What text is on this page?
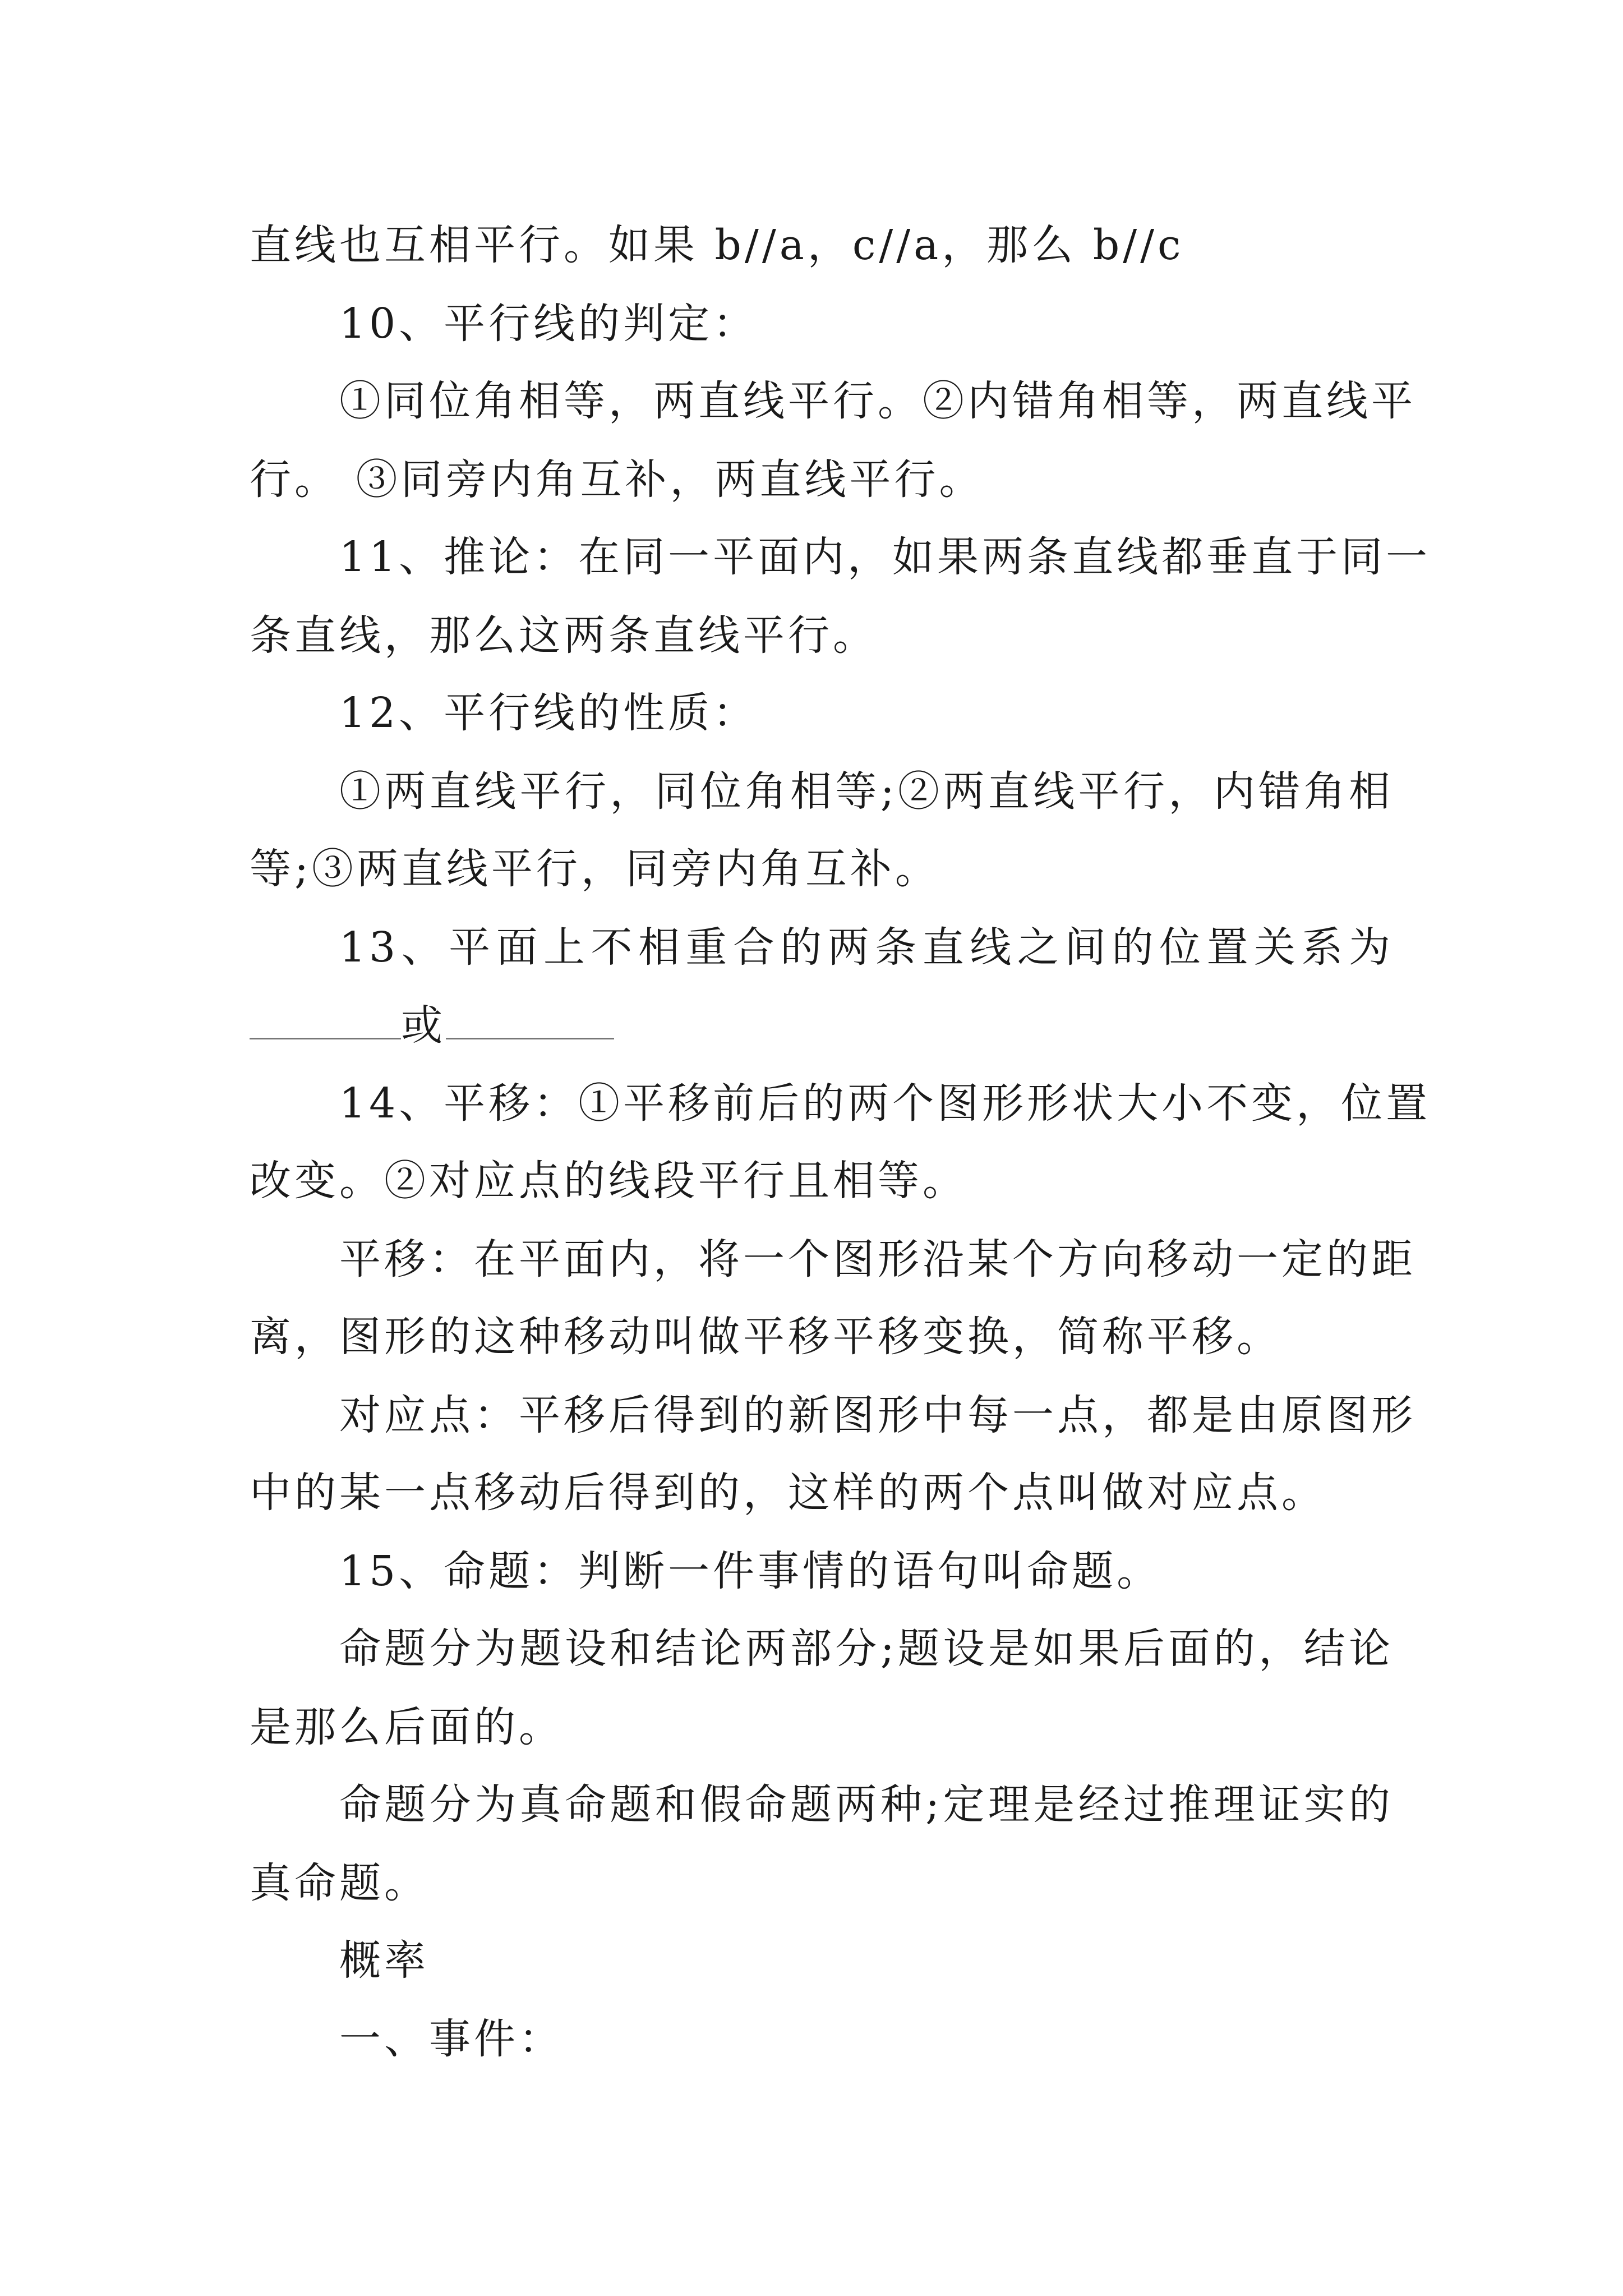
直线也互相平行。如果 b//a，c//a，那么 b//c
10、平行线的判定：
①同位角相等，两直线平行。②内错角相等，两直线平
行。 ③同旁内角互补，两直线平行。
11、推论：在同一平面内，如果两条直线都垂直于同一
条直线，那么这两条直线平行。
12、平行线的性质：
①两直线平行，同位角相等;②两直线平行，内错角相
等;③两直线平行，同旁内角互补。
13、平面上不相重合的两条直线之间的位置关系为
或
14、平移：①平移前后的两个图形形状大小不变，位置
改变。②对应点的线段平行且相等。
平移：在平面内，将一个图形沿某个方向移动一定的距
离，图形的这种移动叫做平移平移变换，简称平移。
对应点：平移后得到的新图形中每一点，都是由原图形
中的某一点移动后得到的，这样的两个点叫做对应点。
15、命题：判断一件事情的语句叫命题。
命题分为题设和结论两部分;题设是如果后面的，结论
是那么后面的。
命题分为真命题和假命题两种;定理是经过推理证实的
真命题。
概率
一、事件：
